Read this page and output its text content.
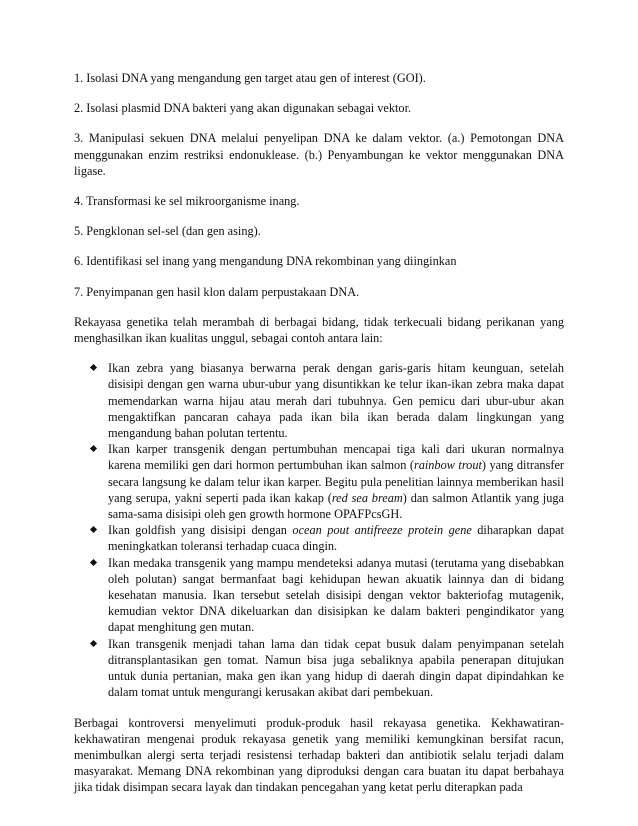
1. Isolasi DNA yang mengandung gen target atau gen of interest (GOI).

2. Isolasi plasmid DNA bakteri yang akan digunakan sebagai vektor.

3. Manipulasi sekuen DNA melalui penyelipan DNA ke dalam vektor. (a.) Pemotongan DNA menggunakan enzim restriksi endonuklease. (b.) Penyambungan ke vektor menggunakan DNA ligase.

4. Transformasi ke sel mikroorganisme inang.

5. Pengklonan sel-sel (dan gen asing).

6. Identifikasi sel inang yang mengandung DNA rekombinan yang diinginkan

7. Penyimpanan gen hasil klon dalam perpustakaan DNA.

Rekayasa genetika telah merambah di berbagai bidang, tidak terkecuali bidang perikanan yang menghasilkan ikan kualitas unggul, sebagai contoh antara lain:

Ikan zebra yang biasanya berwarna perak dengan garis-garis hitam keunguan, setelah disisipi dengan gen warna ubur-ubur yang disuntikkan ke telur ikan-ikan zebra maka dapat memendarkan warna hijau atau merah dari tubuhnya. Gen pemicu dari ubur-ubur akan mengaktifkan pancaran cahaya pada ikan bila ikan berada dalam lingkungan yang mengandung bahan polutan tertentu.
Ikan karper transgenik dengan pertumbuhan mencapai tiga kali dari ukuran normalnya karena memiliki gen dari hormon pertumbuhan ikan salmon (rainbow trout) yang ditransfer secara langsung ke dalam telur ikan karper. Begitu pula penelitian lainnya memberikan hasil yang serupa, yakni seperti pada ikan kakap (red sea bream) dan salmon Atlantik yang juga sama-sama disisipi oleh gen growth hormone OPAFPcsGH.
Ikan goldfish yang disisipi dengan ocean pout antifreeze protein gene diharapkan dapat meningkatkan toleransi terhadap cuaca dingin.
Ikan medaka transgenik yang mampu mendeteksi adanya mutasi (terutama yang disebabkan oleh polutan) sangat bermanfaat bagi kehidupan hewan akuatik lainnya dan di bidang kesehatan manusia. Ikan tersebut setelah disisipi dengan vektor bakteriofag mutagenik, kemudian vektor DNA dikeluarkan dan disisipkan ke dalam bakteri pengindikator yang dapat menghitung gen mutan.
Ikan transgenik menjadi tahan lama dan tidak cepat busuk dalam penyimpanan setelah ditransplantasikan gen tomat. Namun bisa juga sebaliknya apabila penerapan ditujukan untuk dunia pertanian, maka gen ikan yang hidup di daerah dingin dapat dipindahkan ke dalam tomat untuk mengurangi kerusakan akibat dari pembekuan.

Berbagai kontroversi menyelimuti produk-produk hasil rekayasa genetika. Kekhawatiran-kekhawatiran mengenai produk rekayasa genetik yang memiliki kemungkinan bersifat racun, menimbulkan alergi serta terjadi resistensi terhadap bakteri dan antibiotik selalu terjadi dalam masyarakat. Memang DNA rekombinan yang diproduksi dengan cara buatan itu dapat berbahaya jika tidak disimpan secara layak dan tindakan pencegahan yang ketat perlu diterapkan pada
